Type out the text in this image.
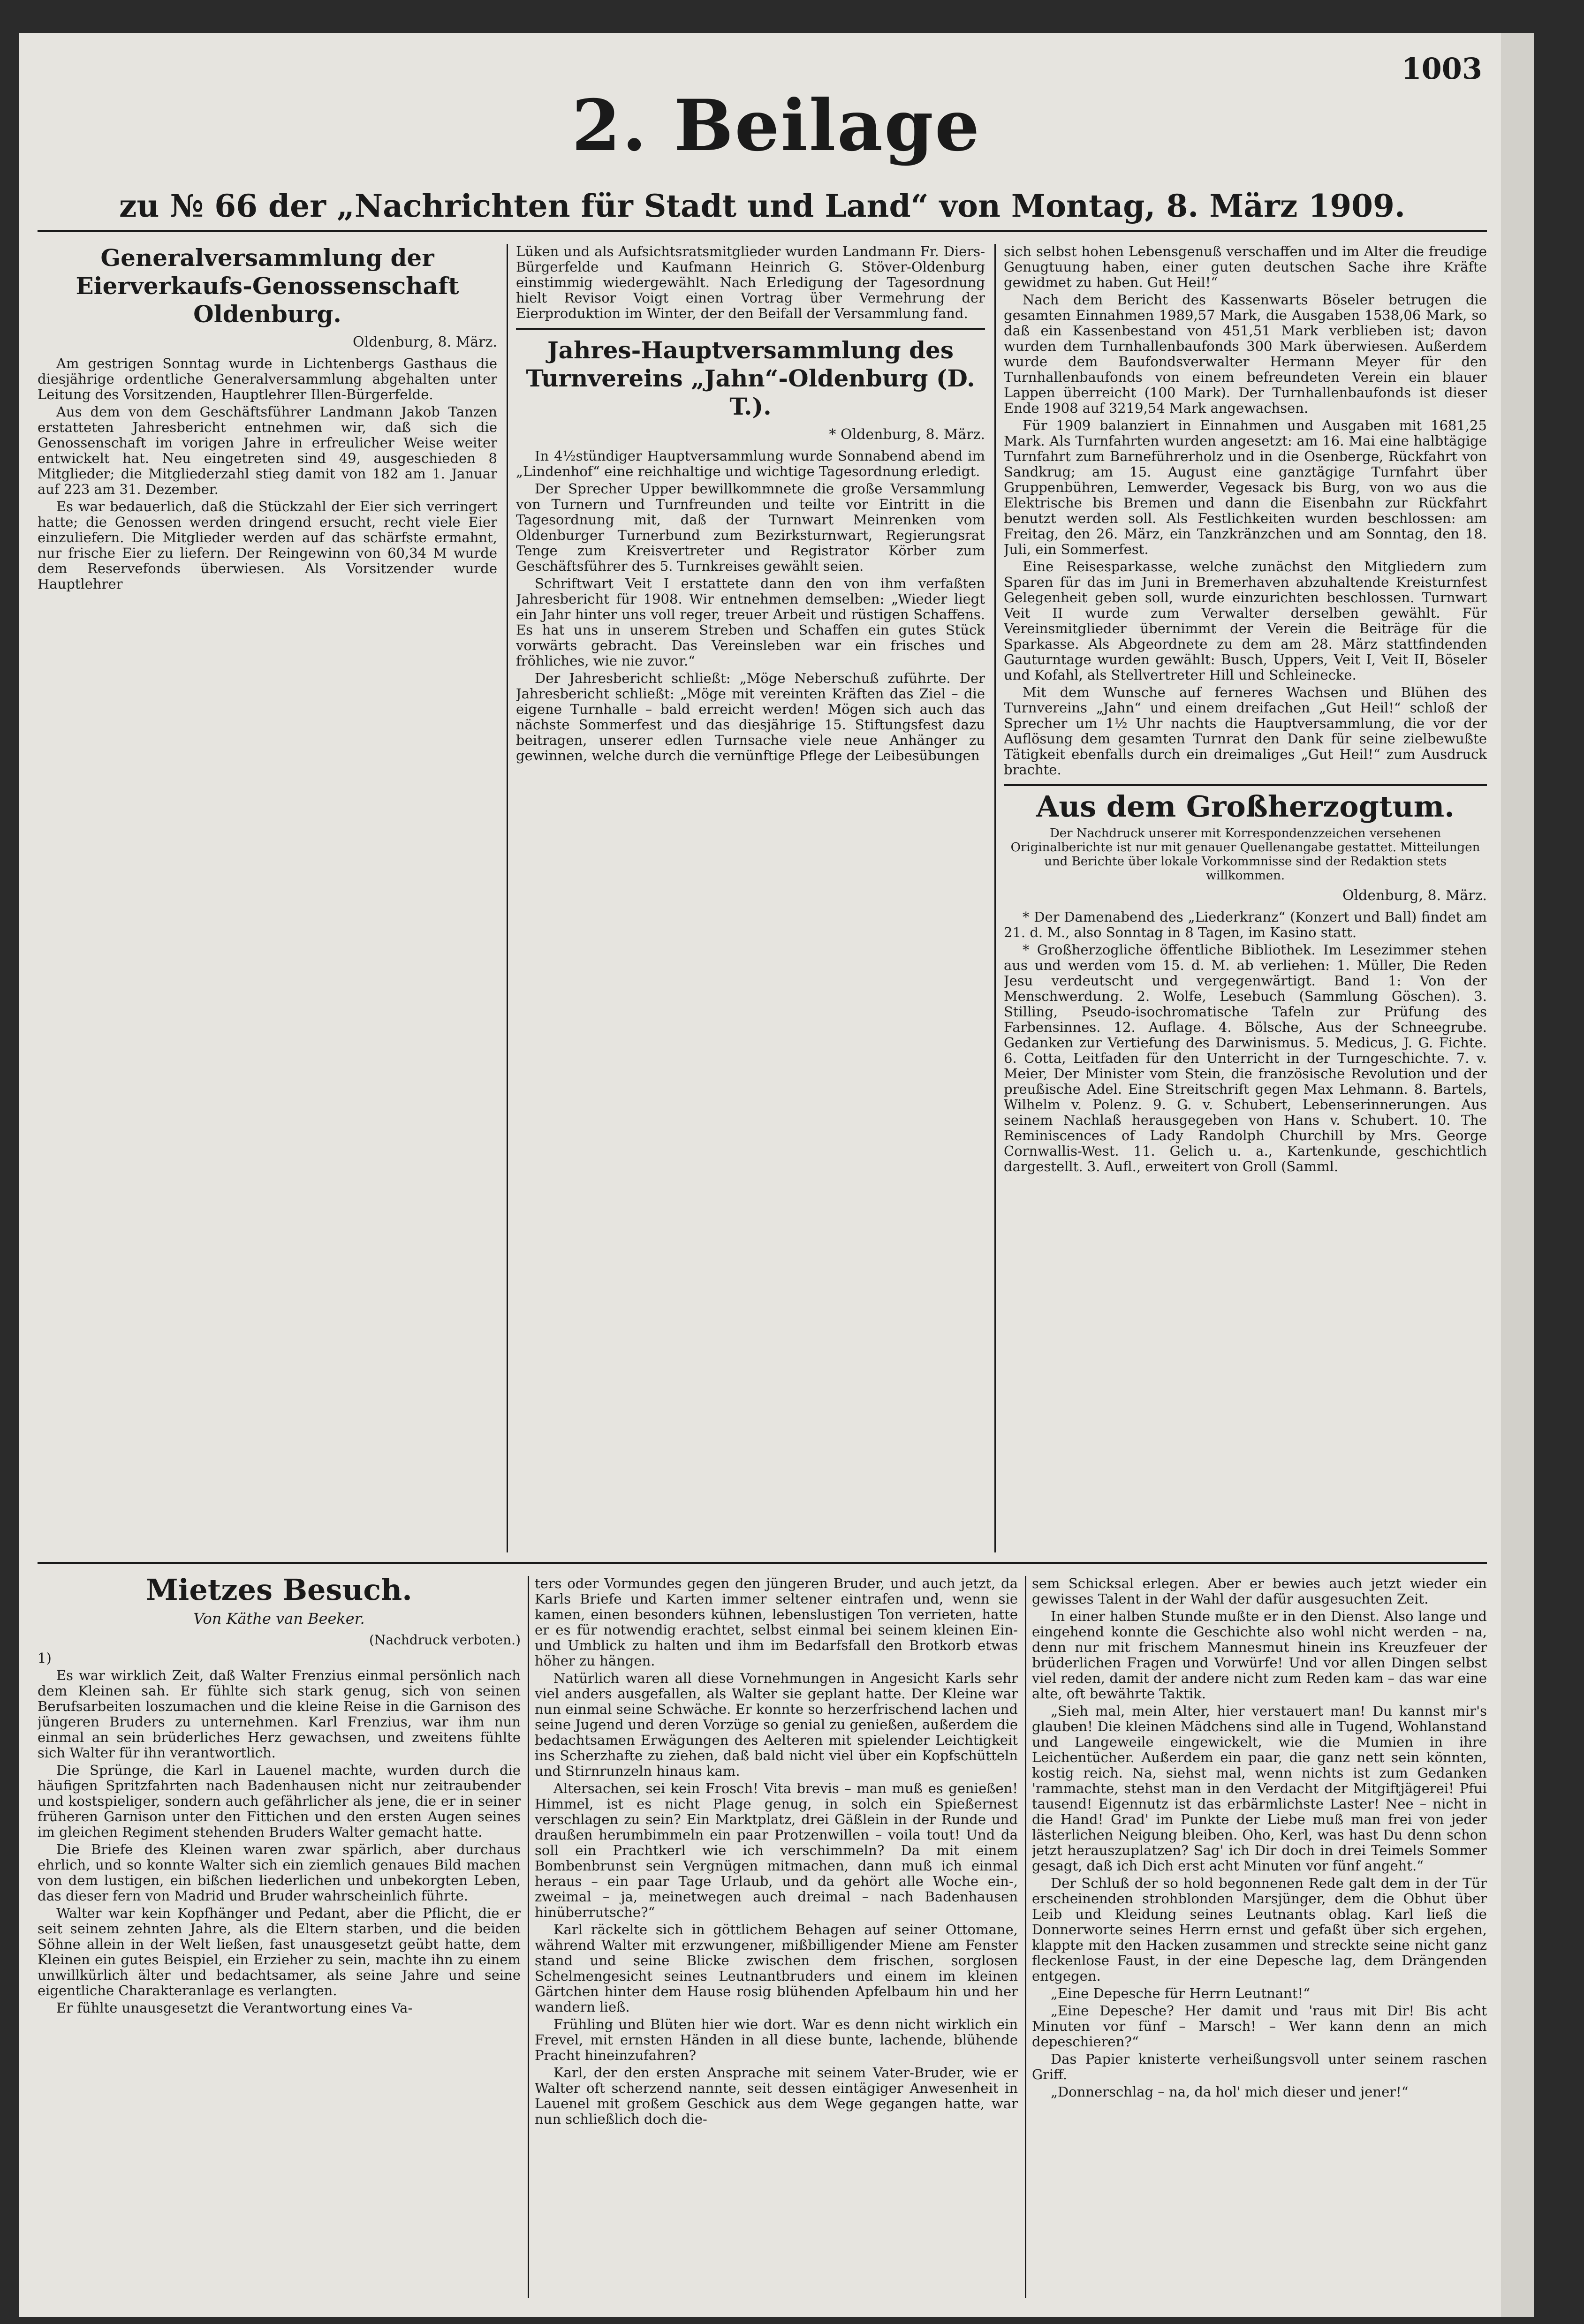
1003
2. Beilage
zu № 66 der „Nachrichten für Stadt und Land“ von Montag, 8. März 1909.
Generalversammlung der Eierverkaufs-Genossenschaft Oldenburg.
Oldenburg, 8. März.

Am gestrigen Sonntag wurde in Lichtenbergs Gasthaus die diesjährige ordentliche Generalversammlung abgehalten unter Leitung des Vorsitzenden, Hauptlehrer Illen-Bürgerfelde.

Aus dem von dem Geschäftsführer Landmann Jakob Tanzen erstatteten Jahresbericht entnehmen wir, daß sich die Genossenschaft im vorigen Jahre in erfreulicher Weise weiter entwickelt hat. Neu eingetreten sind 49, ausgeschieden 8 Mitglieder; die Mitgliederzahl stieg damit von 182 am 1. Januar auf 223 am 31. Dezember.

Es war bedauerlich, daß die Stückzahl der Eier sich verringert hatte; die Genossen werden dringend ersucht, recht viele Eier einzuliefern. Die Mitglieder werden auf das schärfste ermahnt, nur frische Eier zu liefern. Der Reingewinn von 60,34 M wurde dem Reservefonds überwiesen. Als Vorsitzender wurde Hauptlehrer

Lüken und als Aufsichtsratsmitglieder wurden Landmann Fr. Diers-Bürgerfelde und Kaufmann Heinrich G. Stöver-Oldenburg einstimmig wiedergewählt. Nach Erledigung der Tagesordnung hielt Revisor Voigt einen Vortrag über Vermehrung der Eierproduktion im Winter, der den Beifall der Versammlung fand.

Jahres-Hauptversammlung des Turnvereins „Jahn“-Oldenburg (D. T.).
* Oldenburg, 8. März.

In 4½stündiger Hauptversammlung wurde Sonnabend abend im „Lindenhof“ eine reichhaltige und wichtige Tagesordnung erledigt.

Der Sprecher Upper bewillkommnete die große Versammlung von Turnern und Turnfreunden und teilte vor Eintritt in die Tagesordnung mit, daß der Turnwart Meinrenken vom Oldenburger Turnerbund zum Bezirksturnwart, Regierungsrat Tenge zum Kreisvertreter und Registrator Körber zum Geschäftsführer des 5. Turnkreises gewählt seien.

Schriftwart Veit I erstattete dann den von ihm verfaßten Jahresbericht für 1908. Wir entnehmen demselben: „Wieder liegt ein Jahr hinter uns voll reger, treuer Arbeit und rüstigen Schaffens. Es hat uns in unserem Streben und Schaffen ein gutes Stück vorwärts gebracht. Das Vereinsleben war ein frisches und fröhliches, wie nie zuvor.“

Der Jahresbericht schließt: „Möge Neberschuß zuführte. Der Jahresbericht schließt: „Möge mit vereinten Kräften das Ziel – die eigene Turnhalle – bald erreicht werden! Mögen sich auch das nächste Sommerfest und das diesjährige 15. Stiftungsfest dazu beitragen, unserer edlen Turnsache viele neue Anhänger zu gewinnen, welche durch die vernünftige Pflege der Leibesübungen

sich selbst hohen Lebensgenuß verschaffen und im Alter die freudige Genugtuung haben, einer guten deutschen Sache ihre Kräfte gewidmet zu haben. Gut Heil!“

Nach dem Bericht des Kassenwarts Böseler betrugen die gesamten Einnahmen 1989,57 Mark, die Ausgaben 1538,06 Mark, so daß ein Kassenbestand von 451,51 Mark verblieben ist; davon wurden dem Turnhallenbaufonds 300 Mark überwiesen. Außerdem wurde dem Baufondsverwalter Hermann Meyer für den Turnhallenbaufonds von einem befreundeten Verein ein blauer Lappen überreicht (100 Mark). Der Turnhallenbaufonds ist dieser Ende 1908 auf 3219,54 Mark angewachsen.

Für 1909 balanziert in Einnahmen und Ausgaben mit 1681,25 Mark. Als Turnfahrten wurden angesetzt: am 16. Mai eine halbtägige Turnfahrt zum Barneführerholz und in die Osenberge, Rückfahrt von Sandkrug; am 15. August eine ganztägige Turnfahrt über Gruppenbühren, Lemwerder, Vegesack bis Burg, von wo aus die Elektrische bis Bremen und dann die Eisenbahn zur Rückfahrt benutzt werden soll. Als Festlichkeiten wurden beschlossen: am Freitag, den 26. März, ein Tanzkränzchen und am Sonntag, den 18. Juli, ein Sommerfest.

Eine Reisesparkasse, welche zunächst den Mitgliedern zum Sparen für das im Juni in Bremerhaven abzuhaltende Kreisturnfest Gelegenheit geben soll, wurde einzurichten beschlossen. Turnwart Veit II wurde zum Verwalter derselben gewählt. Für Vereinsmitglieder übernimmt der Verein die Beiträge für die Sparkasse. Als Abgeordnete zu dem am 28. März stattfindenden Gauturntage wurden gewählt: Busch, Uppers, Veit I, Veit II, Böseler und Kofahl, als Stellvertreter Hill und Schleinecke.

Mit dem Wunsche auf ferneres Wachsen und Blühen des Turnvereins „Jahn“ und einem dreifachen „Gut Heil!“ schloß der Sprecher um 1½ Uhr nachts die Hauptversammlung, die vor der Auflösung dem gesamten Turnrat den Dank für seine zielbewußte Tätigkeit ebenfalls durch ein dreimaliges „Gut Heil!“ zum Ausdruck brachte.

Aus dem Großherzogtum.
Der Nachdruck unserer mit Korrespondenzzeichen versehenen Originalberichte ist nur mit genauer Quellenangabe gestattet. Mitteilungen und Berichte über lokale Vorkommnisse sind der Redaktion stets willkommen.
Oldenburg, 8. März.

* Der Damenabend des „Liederkranz“ (Konzert und Ball) findet am 21. d. M., also Sonntag in 8 Tagen, im Kasino statt.

* Großherzogliche öffentliche Bibliothek. Im Lesezimmer stehen aus und werden vom 15. d. M. ab verliehen: 1. Müller, Die Reden Jesu verdeutscht und vergegenwärtigt. Band 1: Von der Menschwerdung. 2. Wolfe, Lesebuch (Sammlung Göschen). 3. Stilling, Pseudo-isochromatische Tafeln zur Prüfung des Farbensinnes. 12. Auflage. 4. Bölsche, Aus der Schneegrube. Gedanken zur Vertiefung des Darwinismus. 5. Medicus, J. G. Fichte. 6. Cotta, Leitfaden für den Unterricht in der Turngeschichte. 7. v. Meier, Der Minister vom Stein, die französische Revolution und der preußische Adel. Eine Streitschrift gegen Max Lehmann. 8. Bartels, Wilhelm v. Polenz. 9. G. v. Schubert, Lebenserinnerungen. Aus seinem Nachlaß herausgegeben von Hans v. Schubert. 10. The Reminiscences of Lady Randolph Churchill by Mrs. George Cornwallis-West. 11. Gelich u. a., Kartenkunde, geschichtlich dargestellt. 3. Aufl., erweitert von Groll (Samml.

Mietzes Besuch.
Von Käthe van Beeker.
(Nachdruck verboten.)

1)

Es war wirklich Zeit, daß Walter Frenzius einmal persönlich nach dem Kleinen sah. Er fühlte sich stark genug, sich von seinen Berufsarbeiten loszumachen und die kleine Reise in die Garnison des jüngeren Bruders zu unternehmen. Karl Frenzius, war ihm nun einmal an sein brüderliches Herz gewachsen, und zweitens fühlte sich Walter für ihn verantwortlich.

Die Sprünge, die Karl in Lauenel machte, wurden durch die häufigen Spritzfahrten nach Badenhausen nicht nur zeitraubender und kostspieliger, sondern auch gefährlicher als jene, die er in seiner früheren Garnison unter den Fittichen und den ersten Augen seines im gleichen Regiment stehenden Bruders Walter gemacht hatte.

Die Briefe des Kleinen waren zwar spärlich, aber durchaus ehrlich, und so konnte Walter sich ein ziemlich genaues Bild machen von dem lustigen, ein bißchen liederlichen und unbekorgten Leben, das dieser fern von Madrid und Bruder wahrscheinlich führte.

Walter war kein Kopfhänger und Pedant, aber die Pflicht, die er seit seinem zehnten Jahre, als die Eltern starben, und die beiden Söhne allein in der Welt ließen, fast unausgesetzt geübt hatte, dem Kleinen ein gutes Beispiel, ein Erzieher zu sein, machte ihn zu einem unwillkürlich älter und bedachtsamer, als seine Jahre und seine eigentliche Charakteranlage es verlangten.

Er fühlte unausgesetzt die Verantwortung eines Va-

ters oder Vormundes gegen den jüngeren Bruder, und auch jetzt, da Karls Briefe und Karten immer seltener eintrafen und, wenn sie kamen, einen besonders kühnen, lebenslustigen Ton verrieten, hatte er es für notwendig erachtet, selbst einmal bei seinem kleinen Ein- und Umblick zu halten und ihm im Bedarfsfall den Brotkorb etwas höher zu hängen.

Natürlich waren all diese Vornehmungen in Angesicht Karls sehr viel anders ausgefallen, als Walter sie geplant hatte. Der Kleine war nun einmal seine Schwäche. Er konnte so herzerfrischend lachen und seine Jugend und deren Vorzüge so genial zu genießen, außerdem die bedachtsamen Erwägungen des Aelteren mit spielender Leichtigkeit ins Scherzhafte zu ziehen, daß bald nicht viel über ein Kopfschütteln und Stirnrunzeln hinaus kam.

Altersachen, sei kein Frosch! Vita brevis – man muß es genießen! Himmel, ist es nicht Plage genug, in solch ein Spießernest verschlagen zu sein? Ein Marktplatz, drei Gäßlein in der Runde und draußen herumbimmeln ein paar Protzenwillen – voila tout! Und da soll ein Prachtkerl wie ich verschimmeln? Da mit einem Bombenbrunst sein Vergnügen mitmachen, dann muß ich einmal heraus – ein paar Tage Urlaub, und da gehört alle Woche ein-, zweimal – ja, meinetwegen auch dreimal – nach Badenhausen hinüberrutsche?“

Karl räckelte sich in göttlichem Behagen auf seiner Ottomane, während Walter mit erzwungener, mißbilligender Miene am Fenster stand und seine Blicke zwischen dem frischen, sorglosen Schelmengesicht seines Leutnantbruders und einem im kleinen Gärtchen hinter dem Hause rosig blühenden Apfelbaum hin und her wandern ließ.

Frühling und Blüten hier wie dort. War es denn nicht wirklich ein Frevel, mit ernsten Händen in all diese bunte, lachende, blühende Pracht hineinzufahren?

Karl, der den ersten Ansprache mit seinem Vater-Bruder, wie er Walter oft scherzend nannte, seit dessen eintägiger Anwesenheit in Lauenel mit großem Geschick aus dem Wege gegangen hatte, war nun schließlich doch die-

sem Schicksal erlegen. Aber er bewies auch jetzt wieder ein gewisses Talent in der Wahl der dafür ausgesuchten Zeit.

In einer halben Stunde mußte er in den Dienst. Also lange und eingehend konnte die Geschichte also wohl nicht werden – na, denn nur mit frischem Mannesmut hinein ins Kreuzfeuer der brüderlichen Fragen und Vorwürfe! Und vor allen Dingen selbst viel reden, damit der andere nicht zum Reden kam – das war eine alte, oft bewährte Taktik.

„Sieh mal, mein Alter, hier verstauert man! Du kannst mir's glauben! Die kleinen Mädchens sind alle in Tugend, Wohlanstand und Langeweile eingewickelt, wie die Mumien in ihre Leichentücher. Außerdem ein paar, die ganz nett sein könnten, kostig reich. Na, siehst mal, wenn nichts ist zum Gedanken 'rammachte, stehst man in den Verdacht der Mitgiftjägerei! Pfui tausend! Eigennutz ist das erbärmlichste Laster! Nee – nicht in die Hand! Grad' im Punkte der Liebe muß man frei von jeder lästerlichen Neigung bleiben. Oho, Kerl, was hast Du denn schon jetzt herauszuplatzen? Sag' ich Dir doch in drei Teimels Sommer gesagt, daß ich Dich erst acht Minuten vor fünf angeht.“

Der Schluß der so hold begonnenen Rede galt dem in der Tür erscheinenden strohblonden Marsjünger, dem die Obhut über Leib und Kleidung seines Leutnants oblag. Karl ließ die Donnerworte seines Herrn ernst und gefaßt über sich ergehen, klappte mit den Hacken zusammen und streckte seine nicht ganz fleckenlose Faust, in der eine Depesche lag, dem Drängenden entgegen.

„Eine Depesche für Herrn Leutnant!“

„Eine Depesche? Her damit und 'raus mit Dir! Bis acht Minuten vor fünf – Marsch! – Wer kann denn an mich depeschieren?“

Das Papier knisterte verheißungsvoll unter seinem raschen Griff.

„Donnerschlag – na, da hol' mich dieser und jener!“
